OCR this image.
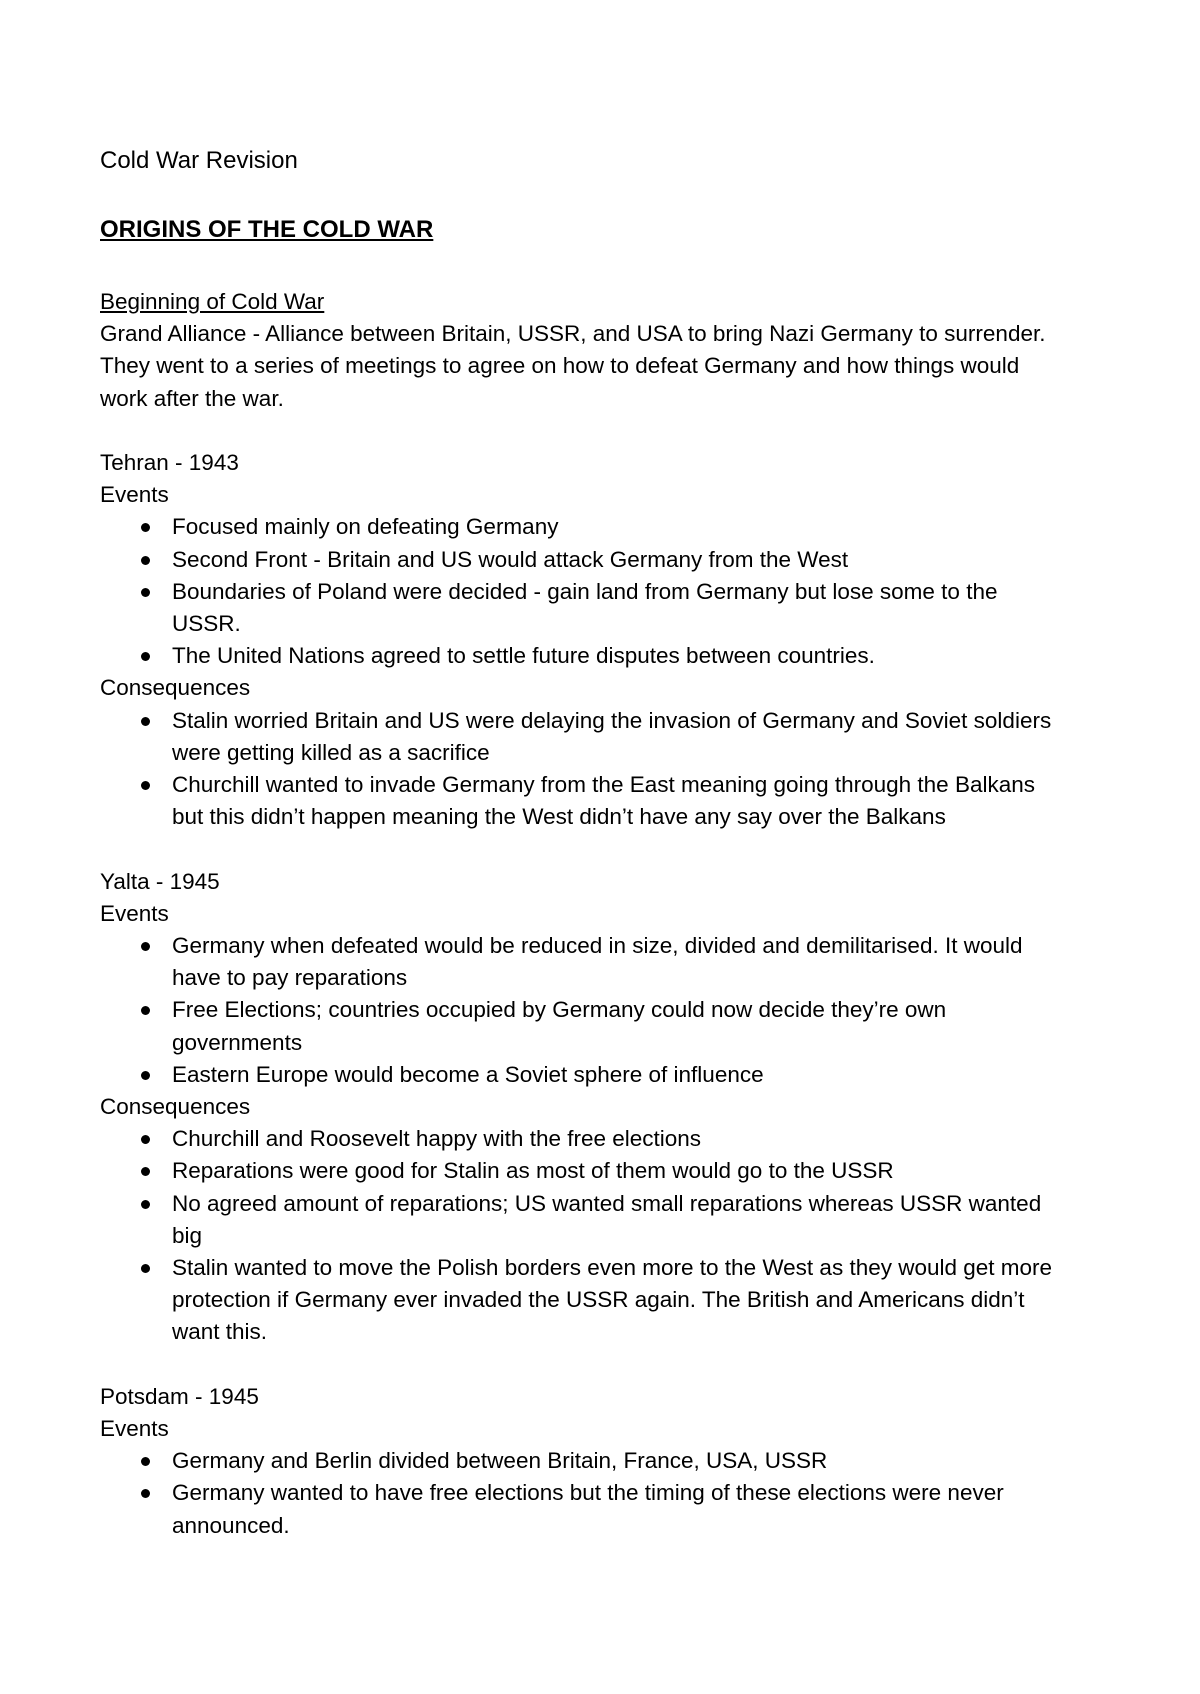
Cold War Revision
ORIGINS OF THE COLD WAR
Beginning of Cold War
Grand Alliance - Alliance between Britain, USSR, and USA to bring Nazi Germany to surrender.
They went to a series of meetings to agree on how to defeat Germany and how things would
work after the war.
Tehran - 1943
Events
Focused mainly on defeating Germany
Second Front - Britain and US would attack Germany from the West
Boundaries of Poland were decided - gain land from Germany but lose some to the
USSR.
The United Nations agreed to settle future disputes between countries.
Consequences
Stalin worried Britain and US were delaying the invasion of Germany and Soviet soldiers
were getting killed as a sacrifice
Churchill wanted to invade Germany from the East meaning going through the Balkans
but this didn’t happen meaning the West didn’t have any say over the Balkans
Yalta - 1945
Events
Germany when defeated would be reduced in size, divided and demilitarised. It would
have to pay reparations
Free Elections; countries occupied by Germany could now decide they’re own
governments
Eastern Europe would become a Soviet sphere of influence
Consequences
Churchill and Roosevelt happy with the free elections
Reparations were good for Stalin as most of them would go to the USSR
No agreed amount of reparations; US wanted small reparations whereas USSR wanted
big
Stalin wanted to move the Polish borders even more to the West as they would get more
protection if Germany ever invaded the USSR again. The British and Americans didn’t
want this.
Potsdam - 1945
Events
Germany and Berlin divided between Britain, France, USA, USSR
Germany wanted to have free elections but the timing of these elections were never
announced.
